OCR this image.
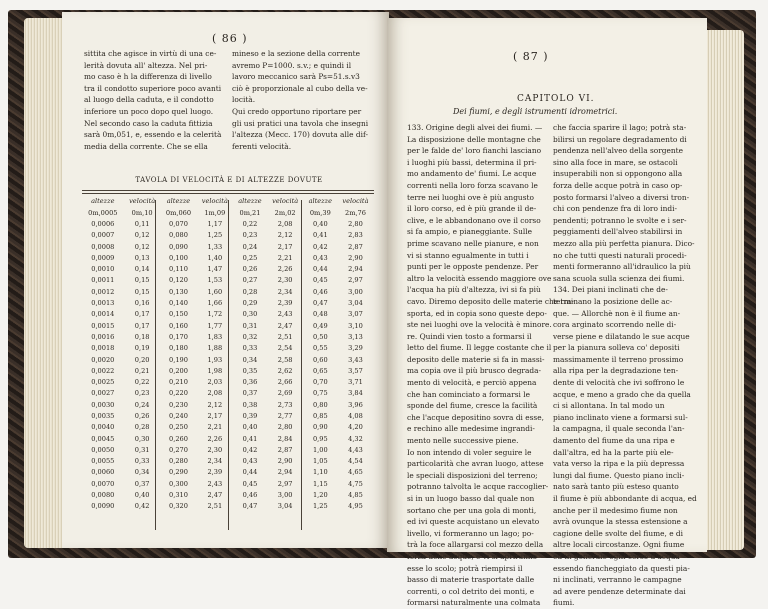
( 86 )
sittita che agisce in virtù di una ce-
lerità dovuta all' altezza. Nel pri-
mo caso è h la differenza di livello
tra il condotto superiore poco avanti
al luogo della caduta, e il condotto
inferiore un poco dopo quel luogo.
Nel secondo caso la caduta fittizia
sarà 0m,051, e, essendo e la celerità
media della corrente. Che se ella
mineso e la sezione della corrente
avremo P=1000. s.v.; e quindi il
lavoro meccanico sarà Ps=51.s.v3
ciò è proporzionale al cubo della ve-
locità.
Qui credo opportuno riportare per
gli usi pratici una tavola che insegni
l'altezza (Mecc. 170) dovuta alle dif-
ferenti velocità.
TAVOLA DI VELOCITÀ E DI ALTEZZE DOVUTE
altezze	velocità	altezze	velocità	altezze	velocità	altezze	velocità
0m,0005	0m,10	0m,060	1m,09	0m,21	2m,02	0m,39	2m,76
0,0006	0,11	0,070	1,17	0,22	2,08	0,40	2,80
0,0007	0,12	0,080	1,25	0,23	2,12	0,41	2,83
0,0008	0,12	0,090	1,33	0,24	2,17	0,42	2,87
0,0009	0,13	0,100	1,40	0,25	2,21	0,43	2,90
0,0010	0,14	0,110	1,47	0,26	2,26	0,44	2,94
0,0011	0,15	0,120	1,53	0,27	2,30	0,45	2,97
0,0012	0,15	0,130	1,60	0,28	2,34	0,46	3,00
0,0013	0,16	0,140	1,66	0,29	2,39	0,47	3,04
0,0014	0,17	0,150	1,72	0,30	2,43	0,48	3,07
0,0015	0,17	0,160	1,77	0,31	2,47	0,49	3,10
0,0016	0,18	0,170	1,83	0,32	2,51	0,50	3,13
0,0018	0,19	0,180	1,88	0,33	2,54	0,55	3,29
0,0020	0,20	0,190	1,93	0,34	2,58	0,60	3,43
0,0022	0,21	0,200	1,98	0,35	2,62	0,65	3,57
0,0025	0,22	0,210	2,03	0,36	2,66	0,70	3,71
0,0027	0,23	0,220	2,08	0,37	2,69	0,75	3,84
0,0030	0,24	0,230	2,12	0,38	2,73	0,80	3,96
0,0035	0,26	0,240	2,17	0,39	2,77	0,85	4,08
0,0040	0,28	0,250	2,21	0,40	2,80	0,90	4,20
0,0045	0,30	0,260	2,26	0,41	2,84	0,95	4,32
0,0050	0,31	0,270	2,30	0,42	2,87	1,00	4,43
0,0055	0,33	0,280	2,34	0,43	2,90	1,05	4,54
0,0060	0,34	0,290	2,39	0,44	2,94	1,10	4,65
0,0070	0,37	0,300	2,43	0,45	2,97	1,15	4,75
0,0080	0,40	0,310	2,47	0,46	3,00	1,20	4,85
0,0090	0,42	0,320	2,51	0,47	3,04	1,25	4,95
( 87 )
CAPITOLO VI.
Dei fiumi, e degli istrumenti idrometrici.
133. Origine degli alvei dei fiumi. —
La disposizione delle montagne che
per le falde de' loro fianchi lasciano
i luoghi più bassi, determina il pri-
mo andamento de' fiumi. Le acque
correnti nella loro forza scavano le
terre nei luoghi ove è più angusto
il loro corso, ed è più grande il de-
clive, e le abbandonano ove il corso
si fa ampio, e pianeggiante. Sulle
prime scavano nelle pianure, e non
vi si stanno egualmente in tutti i
punti per le opposte pendenze. Per
altro la velocità essendo maggiore ove
l'acqua ha più d'altezza, ivi si fa più
cavo. Diremo deposito delle materie che tra-
sporta, ed in copia sono queste depo-
ste nei luoghi ove la velocità è minore.
re. Quindi vien tosto a formarsi il
letto del fiume. Il legge costante che il
deposito delle materie si fa in massi-
ma copia ove il più brusco degrada-
mento di velocità, e perciò appena
che han cominciato a formarsi le
sponde del fiume, cresce la facilità
che l'acque depositino sovra di esse,
e rechino alle medesime ingrandi-
mento nelle successive piene.
Io non intendo di voler seguire le
particolarità che avran luogo, attese
le speciali disposizioni del terreno;
potranno talvolta le acque raccoglier-
si in un luogo basso dal quale non
sortano che per una gola di monti,
ed ivi queste acquistano un elevato
livello, vi formeranno un lago; po-
trà la foce allargarsi col mezzo della
forza delle acque, e vi si apriranno
esse lo scolo; potrà riempirsi il
basso di materie trasportate dalle
correnti, o col detrito dei monti, e
formarsi naturalmente una colmata
che faccia sparire il lago; potrà sta-
bilirsi un regolare degradamento di
pendenza nell'alveo della sorgente
sino alla foce in mare, se ostacoli
insuperabili non si oppongono alla
forza delle acque potrà in caso op-
posto formarsi l'alveo a diversi tron-
chi con pendenze fra di loro indi-
pendenti; potranno le svolte e i ser-
peggiamenti dell'alveo stabilirsi in
mezzo alla più perfetta pianura. Dico-
no che tutti questi naturali procedi-
menti formeranno all'idraulico la più
sana scuola sulla scienza dei fiumi.
134. Dei piani inclinati che de-
terminano la posizione delle ac-
que. — Allorchè non è il fiume an-
cora arginato scorrendo nelle di-
verse piene e dilatando le sue acque
per la pianura solleva co' depositi
massimamente il terreno prossimo
alla ripa per la degradazione ten-
dente di velocità che ivi soffrono le
acque, e meno a grado che da quella
ci si allontana. In tal modo un
piano inclinato viene a formarsi sul-
la campagna, il quale seconda l'an-
damento del fiume da una ripa e
dall'altra, ed ha la parte più ele-
vata verso la ripa e la più depressa
lungi dal fiume. Questo piano incli-
nato sarà tanto più esteso quanto
il fiume è più abbondante di acqua, ed
anche per il medesimo fiume non
avrà ovunque la stessa estensione a
cagione delle svolte del fiume, e di
altre locali circostanze. Ogni fiume
ed in generale ogni corso d'acqua
essendo fiancheggiato da questi pia-
ni inclinati, verranno le campagne
ad avere pendenze determinate dai
fiumi.
